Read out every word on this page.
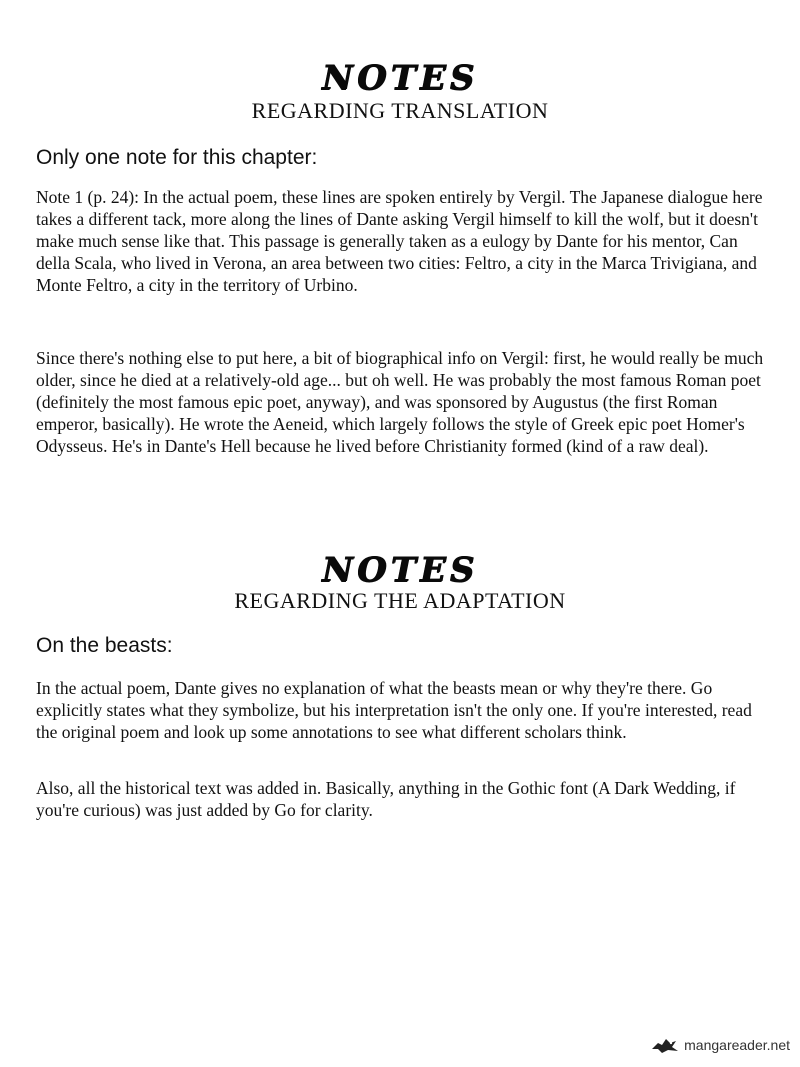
NOTES
REGARDING TRANSLATION
Only one note for this chapter:

Note 1 (p. 24): In the actual poem, these lines are spoken entirely by Vergil. The Japanese dialogue here takes a different tack, more along the lines of Dante asking Vergil himself to kill the wolf, but it doesn't make much sense like that. This passage is generally taken as a eulogy by Dante for his mentor, Can della Scala, who lived in Verona, an area between two cities: Feltro, a city in the Marca Trivigiana, and Monte Feltro, a city in the territory of Urbino.

Since there's nothing else to put here, a bit of biographical info on Vergil: first, he would really be much older, since he died at a relatively-old age... but oh well. He was probably the most famous Roman poet (definitely the most famous epic poet, anyway), and was sponsored by Augustus (the first Roman emperor, basically). He wrote the Aeneid, which largely follows the style of Greek epic poet Homer's Odysseus. He's in Dante's Hell because he lived before Christianity formed (kind of a raw deal).

NOTES
REGARDING THE ADAPTATION
On the beasts:

In the actual poem, Dante gives no explanation of what the beasts mean or why they're there. Go explicitly states what they symbolize, but his interpretation isn't the only one. If you're interested, read the original poem and look up some annotations to see what different scholars think.

Also, all the historical text was added in. Basically, anything in the Gothic font (A Dark Wedding, if you're curious) was just added by Go for clarity.

mangareader.net
